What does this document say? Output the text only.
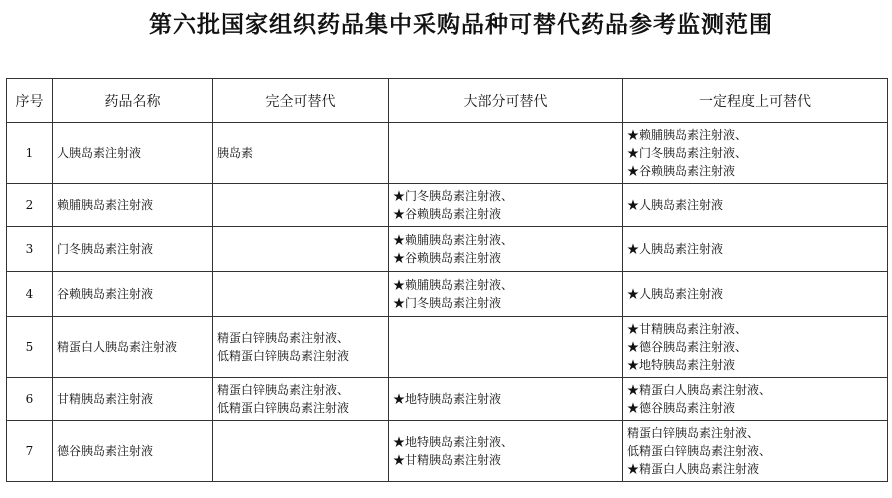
第六批国家组织药品集中采购品种可替代药品参考监测范围
序号	药品名称	完全可替代	大部分可替代	一定程度上可替代
1	人胰岛素注射液	胰岛素		★赖脯胰岛素注射液、
★门冬胰岛素注射液、
★谷赖胰岛素注射液

2	赖脯胰岛素注射液		★门冬胰岛素注射液、
★谷赖胰岛素注射液	★人胰岛素注射液

3	门冬胰岛素注射液		★赖脯胰岛素注射液、
★谷赖胰岛素注射液	★人胰岛素注射液

4	谷赖胰岛素注射液		★赖脯胰岛素注射液、
★门冬胰岛素注射液	★人胰岛素注射液

5	精蛋白人胰岛素注射液	精蛋白锌胰岛素注射液、
低精蛋白锌胰岛素注射液		★甘精胰岛素注射液、
★德谷胰岛素注射液、
★地特胰岛素注射液

6	甘精胰岛素注射液	精蛋白锌胰岛素注射液、
低精蛋白锌胰岛素注射液	★地特胰岛素注射液	★精蛋白人胰岛素注射液、
★德谷胰岛素注射液

7	德谷胰岛素注射液		★地特胰岛素注射液、
★甘精胰岛素注射液	精蛋白锌胰岛素注射液、
低精蛋白锌胰岛素注射液、
★精蛋白人胰岛素注射液
